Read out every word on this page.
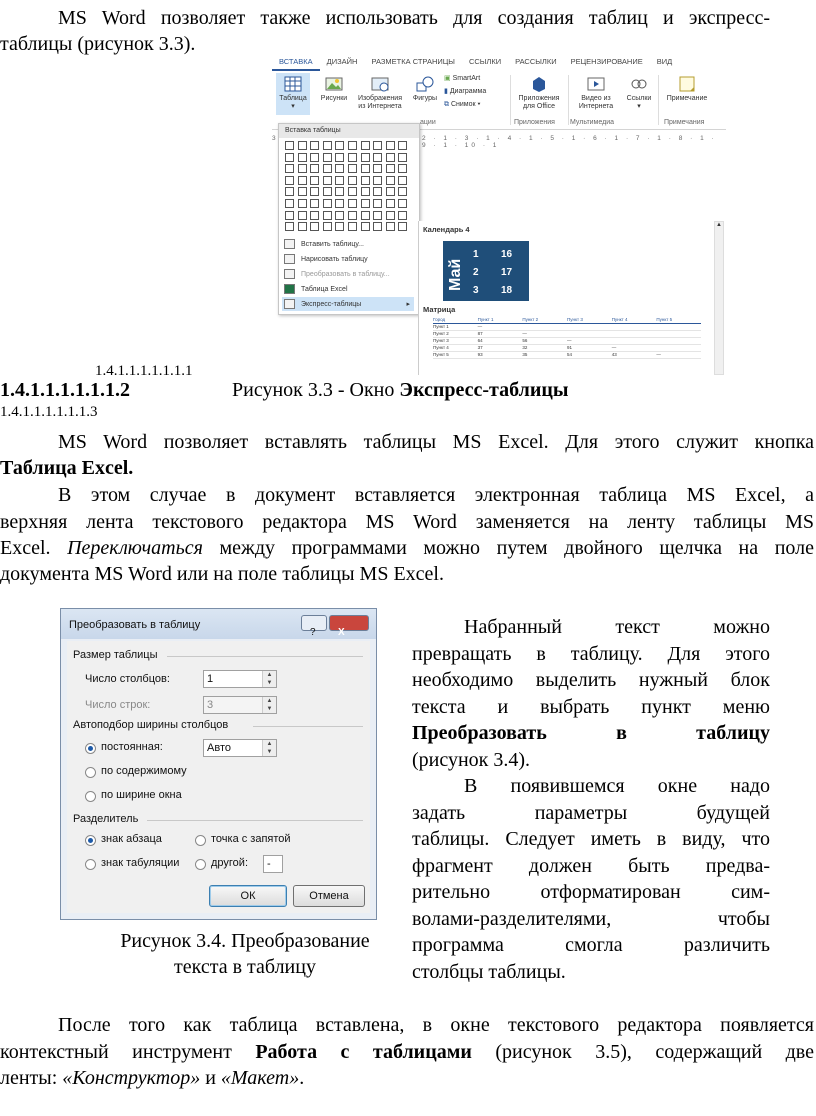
MS Word позволяет также использовать для создания таблиц и экспресс-
таблицы (рисунок 3.3).
ВСТАВКА	ДИЗАЙН	РАЗМЕТКА СТРАНИЦЫ	ССЫЛКИ	РАССЫЛКИ	РЕЦЕНЗИРОВАНИЕ	ВИД
Таблица
▾
Рисунки	Изображения
из Интернета
Фигуры
▣ SmartArt
▮ Диаграмма
⧉ Снимок ▾
Приложения
для Office
Видео из
Интернета
Ссылки
▾
Примечание
ации	Приложения Мультимедиа	Примечания
3	2 · 1 · 3 · 1 · 4 · 1 · 5 · 1 · 6 · 1 · 7 · 1 · 8 · 1 · 9 · 1 · 10 · 1
Вставка таблицы
Вставить таблицу...
Нарисовать таблицу
Преобразовать в таблицу...
Таблица Excel
Экспресс-таблицы	▸
Календарь 4
Май
1 16
2 17
3 18
Матрица
Город	Пункт 1	Пункт 2	Пункт 3	Пункт 4	Пункт 5
Пункт 1	—
Пункт 2	87	—
Пункт 3	64	56	—
Пункт 4	37	32	91	—
Пункт 5	93	35	54	43	—
▲
1.4.1.1.1.1.1.1.1
1.4.1.1.1.1.1.1.2	Рисунок 3.3 - Окно Экспресс-таблицы
1.4.1.1.1.1.1.1.3
MS Word позволяет вставлять таблицы MS Excel. Для этого служит кнопка
Таблица Excel.
В этом случае в документ вставляется электронная таблица MS Excel, а
верхняя лента текстового редактора MS Word заменяется на ленту таблицы MS
Excel. Переключаться между программами можно путем двойного щелчка на поле
документа MS Word или на поле таблицы MS Excel.
Преобразовать в таблицу
? X
Размер таблицы
Число столбцов:	1	▲
▼
Число строк:	3	▲
▼
Автоподбор ширины столбцов
постоянная:	Авто	▲
▼
по содержимому
по ширине окна
Разделитель
знак абзаца	точка с запятой
знак табуляции	другой:	-
ОК	Отмена
Рисунок 3.4. Преобразование
текста в таблицу
Набранный текст можно
превращать в таблицу. Для этого
необходимо выделить нужный блок
текста и выбрать пункт меню
Преобразовать в таблицу
(рисунок 3.4).
В появившемся окне надо
задать параметры будущей
таблицы. Следует иметь в виду, что
фрагмент должен быть предва-
рительно отформатирован сим-
волами-разделителями, чтобы
программа смогла различить
столбцы таблицы.
После того как таблица вставлена, в окне текстового редактора появляется
контекстный инструмент Работа с таблицами (рисунок 3.5), содержащий две
ленты: «Конструктор» и «Макет».
